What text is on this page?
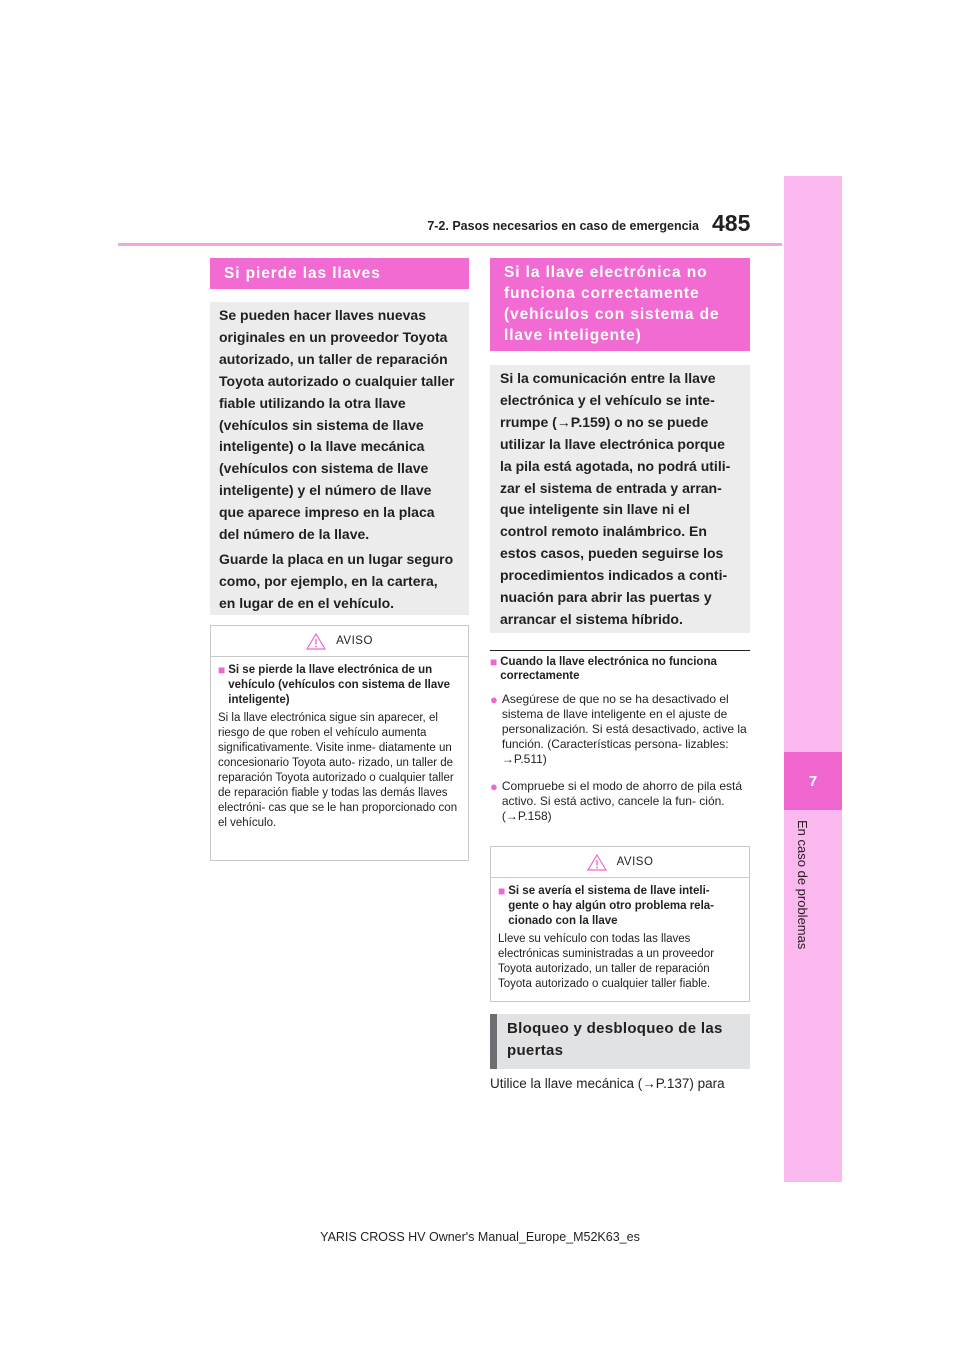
7-2. Pasos necesarios en caso de emergencia 485
7
En caso de problemas
Si pierde las llaves

Se pueden hacer llaves nuevas originales en un proveedor Toyota autorizado, un taller de reparación Toyota autorizado o cualquier taller fiable utilizando la otra llave (vehículos sin sistema de llave inteligente) o la llave mecánica (vehículos con sistema de llave inteligente) y el número de llave que aparece impreso en la placa del número de la llave.

Guarde la placa en un lugar seguro como, por ejemplo, en la cartera, en lugar de en el vehículo.

AVISO
■ Si se pierde la llave electrónica de un vehículo (vehículos con sistema de llave inteligente)
Si la llave electrónica sigue sin aparecer, el riesgo de que roben el vehículo aumenta significativamente. Visite inme- diatamente un concesionario Toyota auto- rizado, un taller de reparación Toyota autorizado o cualquier taller de reparación fiable y todas las demás llaves electróni- cas que se le han proporcionado con el vehículo.
Si la llave electrónica no funciona correctamente (vehículos con sistema de llave inteligente)

Si la comunicación entre la llave electrónica y el vehículo se inte- rrumpe (→P.159) o no se puede utilizar la llave electrónica porque la pila está agotada, no podrá utili- zar el sistema de entrada y arran- que inteligente sin llave ni el control remoto inalámbrico. En estos casos, pueden seguirse los procedimientos indicados a conti- nuación para abrir las puertas y arrancar el sistema híbrido.

■ Cuando la llave electrónica no funciona correctamente
● Asegúrese de que no se ha desactivado el sistema de llave inteligente en el ajuste de personalización. Si está desactivado, active la función. (Características persona- lizables: →P.511)
● Compruebe si el modo de ahorro de pila está activo. Si está activo, cancele la fun- ción. (→P.158)
AVISO
■ Si se avería el sistema de llave inteli- gente o hay algún otro problema rela- cionado con la llave
Lleve su vehículo con todas las llaves electrónicas suministradas a un proveedor Toyota autorizado, un taller de reparación Toyota autorizado o cualquier taller fiable.
Bloqueo y desbloqueo de las puertas
Utilice la llave mecánica (→P.137) para
YARIS CROSS HV Owner's Manual_Europe_M52K63_es
